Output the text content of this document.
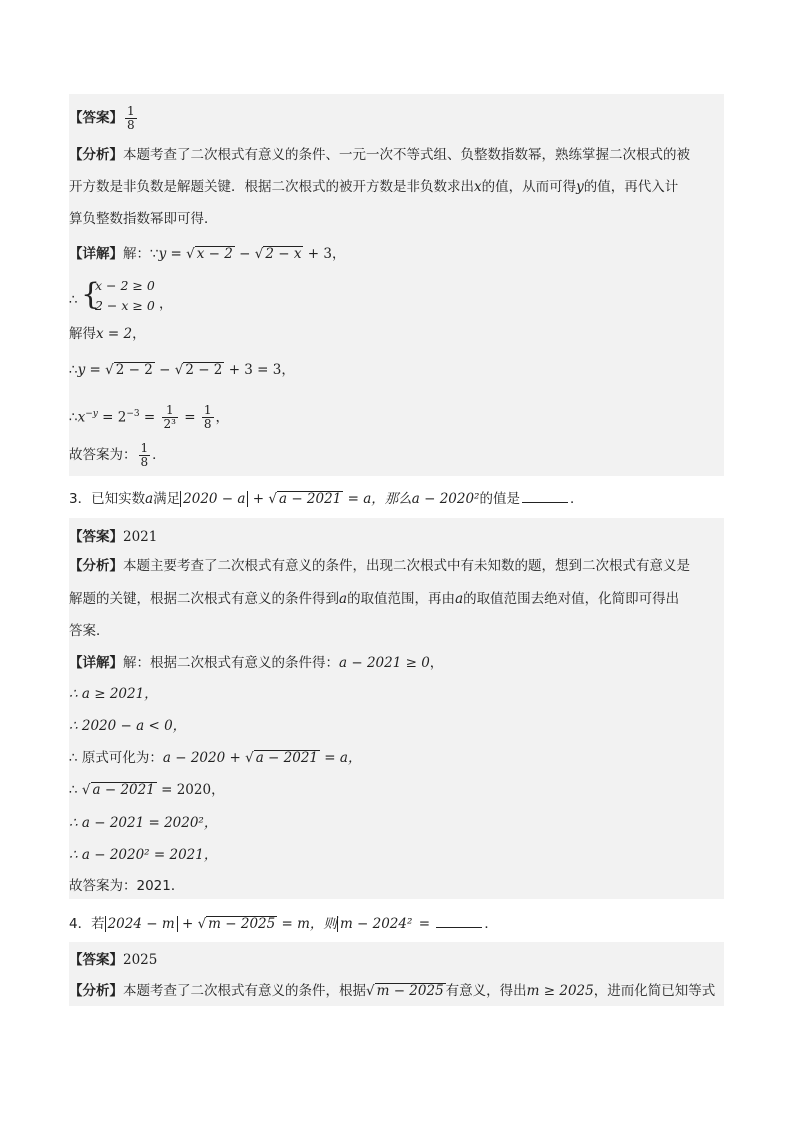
【答案】 $\frac{1}{8}$
【分析】本题考查了二次根式有意义的条件、一元一次不等式组、负整数指数幂，熟练掌握二次根式的被
开方数是非负数是解题关键．根据二次根式的被开方数是非负数求出x的值，从而可得y的值，再代入计
算负整数指数幂即可得．
【详解】解：∵y = √ x − 2 − √ 2 − x + 3，
∴ {
x − 2 ≥ 0
2 − x ≥ 0 ，
解得x = 2，
∴y = √ 2 − 2 − √ 2 − 2 + 3 = 3，
$\therefore x^{-y} = 2^{-3} = \frac{1}{\text{2³}} = \frac{1}{8}$ ，
故答案为： $\frac{1}{8}$ ．
3．已知实数a满足 2020 − a + √ a − 2021 = a，那么a − 2020²的值是	．
【答案】2021
【分析】本题主要考查了二次根式有意义的条件，出现二次根式中有未知数的题，想到二次根式有意义是
解题的关键，根据二次根式有意义的条件得到a的取值范围，再由a的取值范围去绝对值，化简即可得出
答案．
【详解】解：根据二次根式有意义的条件得：a − 2021 ≥ 0，
∴ a ≥ 2021，
∴ 2020 − a < 0，
∴ 原式可化为：a − 2020 + √ a − 2021 = a，
∴ √ a − 2021 = 2020，
∴ a − 2021 = 2020²，
∴ a − 2020² = 2021，
故答案为：2021．
4．若 2024 − m + √ m − 2025 = m，则 m − 2024² =	．
【答案】2025
【分析】本题考查了二次根式有意义的条件，根据√ m − 2025 有意义，得出m ≥ 2025，进而化简已知等式
